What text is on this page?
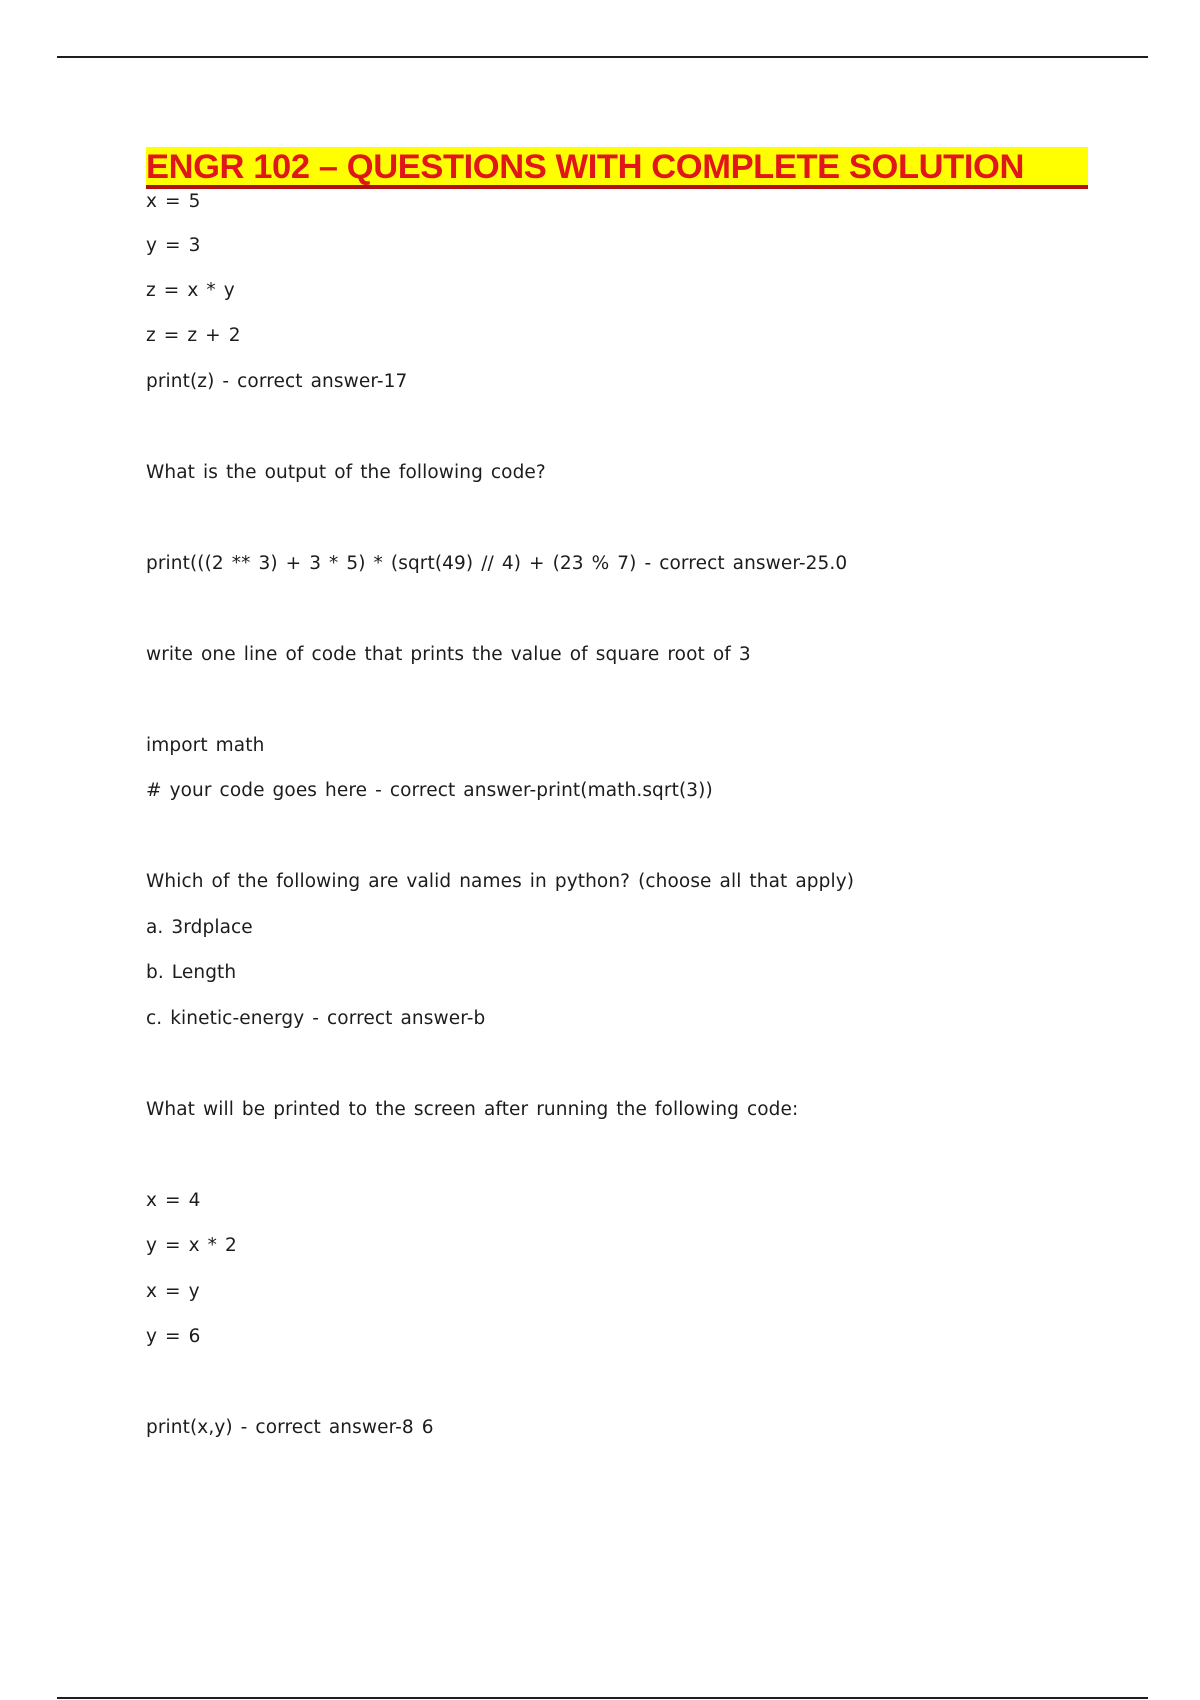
ENGR 102 – QUESTIONS WITH COMPLETE SOLUTION
x = 5
y = 3
z = x * y
z = z + 2
print(z) - correct answer-17
What is the output of the following code?
print(((2 ** 3) + 3 * 5) * (sqrt(49) // 4) + (23 % 7) - correct answer-25.0
write one line of code that prints the value of square root of 3
import math
# your code goes here - correct answer-print(math.sqrt(3))
Which of the following are valid names in python? (choose all that apply)
a. 3rdplace
b. Length
c. kinetic-energy - correct answer-b
What will be printed to the screen after running the following code:
x = 4
y = x * 2
x = y
y = 6
print(x,y) - correct answer-8 6
